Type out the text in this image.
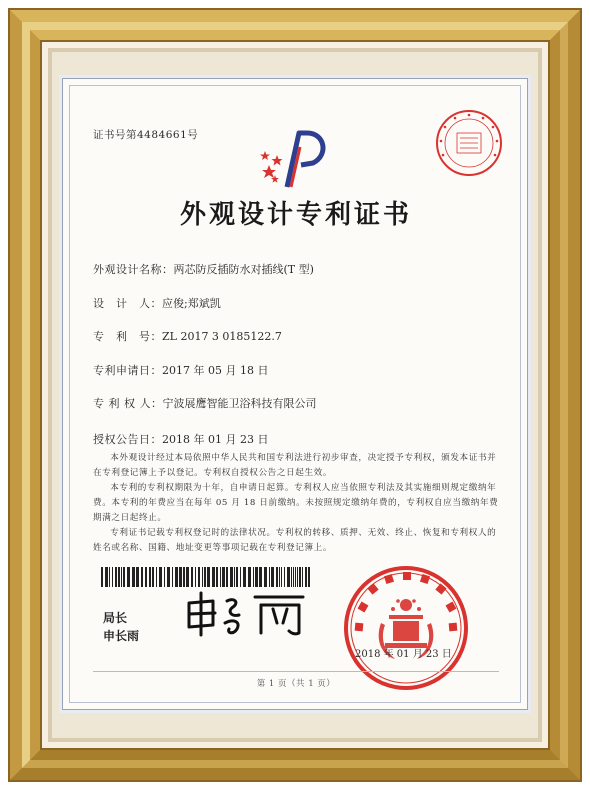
证书号第4484661号
外观设计专利证书
外观设计名称：两芯防反插防水对插线(T 型)
设　计　人：应俊;郑斌凯
专　利　号：ZL 2017 3 0185122.7
专利申请日：2017 年 05 月 18 日
专 利 权 人：宁波展鹰智能卫浴科技有限公司
授权公告日：2018 年 01 月 23 日
本外观设计经过本局依照中华人民共和国专利法进行初步审查，决定授予专利权，颁发本证书并在专利登记簿上予以登记。专利权自授权公告之日起生效。
本专利的专利权期限为十年，自申请日起算。专利权人应当依照专利法及其实施细则规定缴纳年费。本专利的年费应当在每年 05 月 18 日前缴纳。未按照规定缴纳年费的，专利权自应当缴纳年费期满之日起终止。
专利证书记载专利权登记时的法律状况。专利权的转移、质押、无效、终止、恢复和专利权人的姓名或名称、国籍、地址变更等事项记载在专利登记簿上。
局长
申长雨
2018 年 01 月 23 日
第 1 页（共 1 页）
